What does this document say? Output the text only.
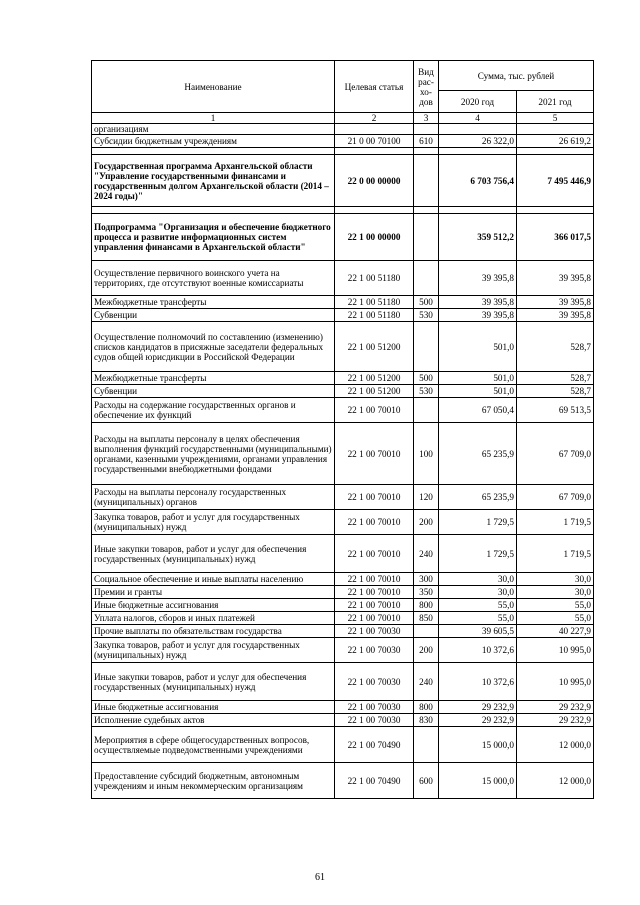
Наименование	Целевая статья	Вид рас- хо- дов	Сумма, тыс. рублей	
			2020 год	2021 год
1	2	3	4	5
организациям				
Субсидии бюджетным учреждениям	21 0 00 70100	610	26 322,0	26 619,2

Государственная программа Архангельской области "Управление государственными финансами и государственным долгом Архангельской области (2014 – 2024 годы)"	22 0 00 00000		6 703 756,4	7 495 446,9

Подпрограмма "Организация и обеспечение бюджетного процесса и развитие информационных систем управления финансами в Архангельской области"	22 1 00 00000		359 512,2	366 017,5
Осуществление первичного воинского учета на территориях, где отсутствуют военные комиссариаты	22 1 00 51180		39 395,8	39 395,8
Межбюджетные трансферты	22 1 00 51180	500	39 395,8	39 395,8
Субвенции	22 1 00 51180	530	39 395,8	39 395,8
Осуществление полномочий по составлению (изменению) списков кандидатов в присяжные заседатели федеральных судов общей юрисдикции в Российской Федерации	22 1 00 51200		501,0	528,7
Межбюджетные трансферты	22 1 00 51200	500	501,0	528,7
Субвенции	22 1 00 51200	530	501,0	528,7
Расходы на содержание государственных органов и обеспечение их функций	22 1 00 70010		67 050,4	69 513,5
Расходы на выплаты персоналу в целях обеспечения выполнения функций государственными (муниципальными) органами, казенными учреждениями, органами управления государственными внебюджетными фондами	22 1 00 70010	100	65 235,9	67 709,0
Расходы на выплаты персоналу государственных (муниципальных) органов	22 1 00 70010	120	65 235,9	67 709,0
Закупка товаров, работ и услуг для государственных (муниципальных) нужд	22 1 00 70010	200	1 729,5	1 719,5
Иные закупки товаров, работ и услуг для обеспечения государственных (муниципальных) нужд	22 1 00 70010	240	1 729,5	1 719,5
Социальное обеспечение и иные выплаты населению	22 1 00 70010	300	30,0	30,0
Премии и гранты	22 1 00 70010	350	30,0	30,0
Иные бюджетные ассигнования	22 1 00 70010	800	55,0	55,0
Уплата налогов, сборов и иных платежей	22 1 00 70010	850	55,0	55,0
Прочие выплаты по обязательствам государства	22 1 00 70030		39 605,5	40 227,9
Закупка товаров, работ и услуг для государственных (муниципальных) нужд	22 1 00 70030	200	10 372,6	10 995,0
Иные закупки товаров, работ и услуг для обеспечения государственных (муниципальных) нужд	22 1 00 70030	240	10 372,6	10 995,0
Иные бюджетные ассигнования	22 1 00 70030	800	29 232,9	29 232,9
Исполнение судебных актов	22 1 00 70030	830	29 232,9	29 232,9
Мероприятия в сфере общегосударственных вопросов, осуществляемые подведомственными учреждениями	22 1 00 70490		15 000,0	12 000,0
Предоставление субсидий бюджетным, автономным учреждениям и иным некоммерческим организациям	22 1 00 70490	600	15 000,0	12 000,0
61
